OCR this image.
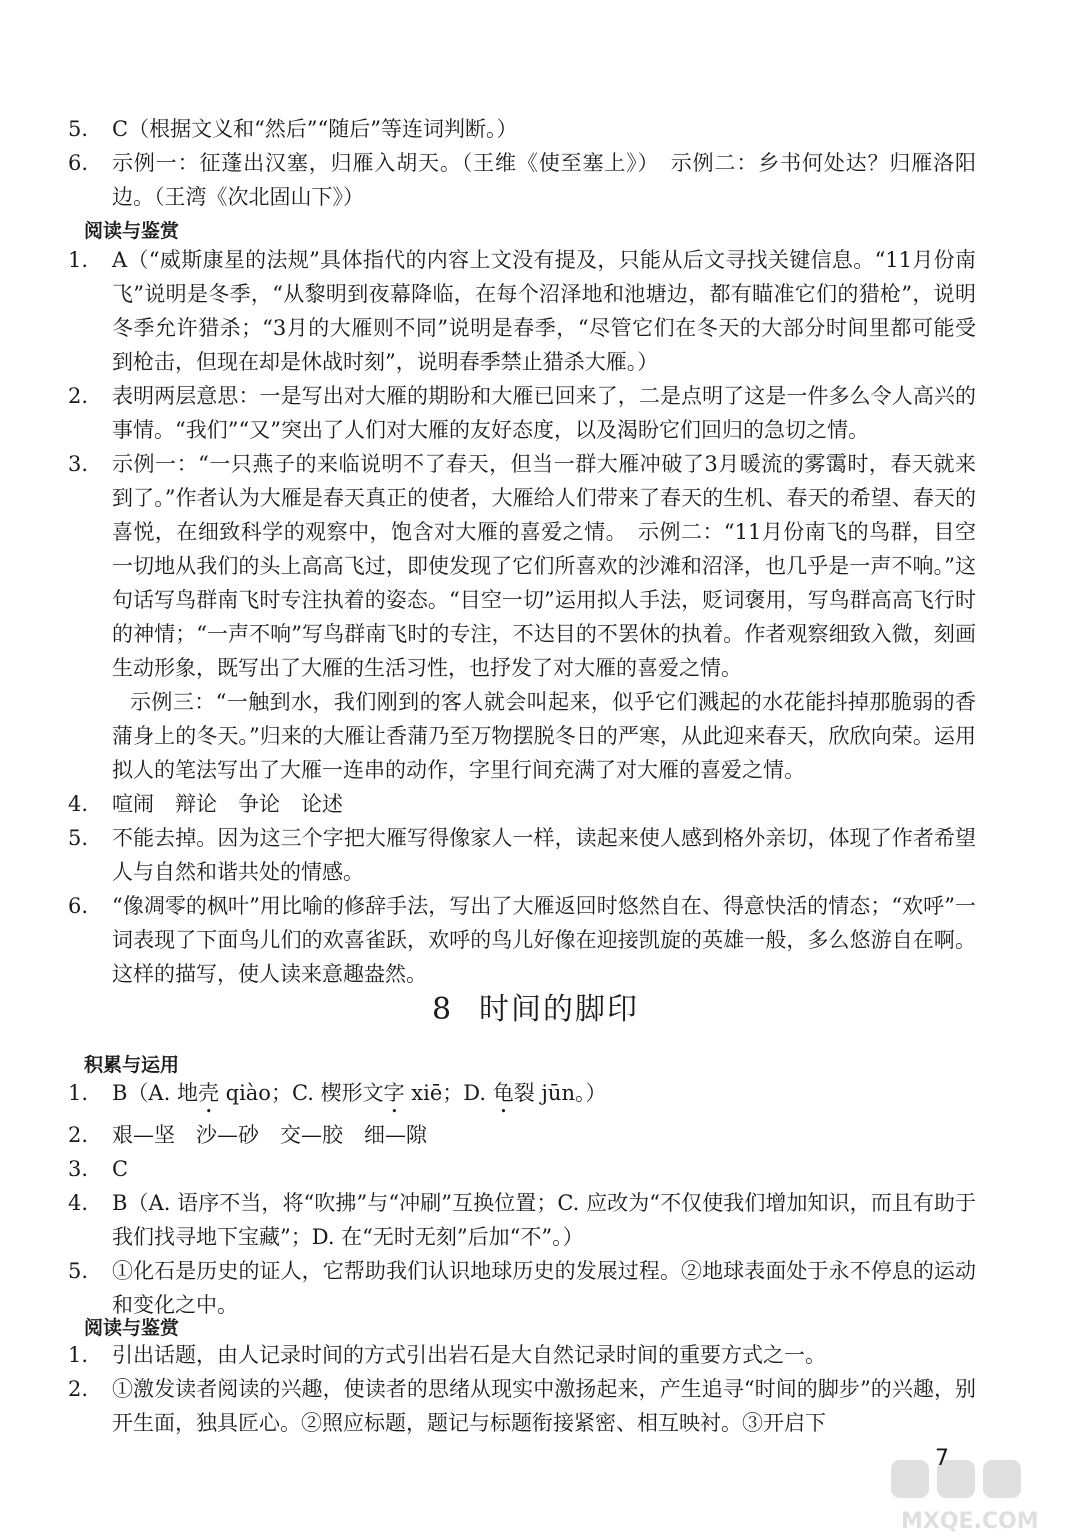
5.	C（根据文义和“然后”“随后”等连词判断。）
6.	示例一：征蓬出汉塞，归雁入胡天。（王维《使至塞上》）　示例二：乡书何处达？归雁洛阳边。（王湾《次北固山下》）
阅读与鉴赏
1.	A（“威斯康星的法规”具体指代的内容上文没有提及，只能从后文寻找关键信息。“11月份南飞”说明是冬季，“从黎明到夜幕降临，在每个沼泽地和池塘边，都有瞄准它们的猎枪”，说明冬季允许猎杀；“3月的大雁则不同”说明是春季，“尽管它们在冬天的大部分时间里都可能受到枪击，但现在却是休战时刻”，说明春季禁止猎杀大雁。）
2.	表明两层意思：一是写出对大雁的期盼和大雁已回来了，二是点明了这是一件多么令人高兴的事情。“我们”“又”突出了人们对大雁的友好态度，以及渴盼它们回归的急切之情。
3.	示例一：“一只燕子的来临说明不了春天，但当一群大雁冲破了3月暖流的雾霭时，春天就来到了。”作者认为大雁是春天真正的使者，大雁给人们带来了春天的生机、春天的希望、春天的喜悦，在细致科学的观察中，饱含对大雁的喜爱之情。　示例二：“11月份南飞的鸟群，目空一切地从我们的头上高高飞过，即使发现了它们所喜欢的沙滩和沼泽，也几乎是一声不响。”这句话写鸟群南飞时专注执着的姿态。“目空一切”运用拟人手法，贬词褒用，写鸟群高高飞行时的神情；“一声不响”写鸟群南飞时的专注，不达目的不罢休的执着。作者观察细致入微，刻画生动形象，既写出了大雁的生活习性，也抒发了对大雁的喜爱之情。
示例三：“一触到水，我们刚到的客人就会叫起来，似乎它们溅起的水花能抖掉那脆弱的香蒲身上的冬天。”归来的大雁让香蒲乃至万物摆脱冬日的严寒，从此迎来春天，欣欣向荣。运用拟人的笔法写出了大雁一连串的动作，字里行间充满了对大雁的喜爱之情。
4.	喧闹　辩论　争论　论述
5.	不能去掉。因为这三个字把大雁写得像家人一样，读起来使人感到格外亲切，体现了作者希望人与自然和谐共处的情感。
6.	“像凋零的枫叶”用比喻的修辞手法，写出了大雁返回时悠然自在、得意快活的情态；“欢呼”一词表现了下面鸟儿们的欢喜雀跃，欢呼的鸟儿好像在迎接凯旋的英雄一般，多么悠游自在啊。这样的描写，使人读来意趣盎然。
8 时间的脚印
积累与运用
1.	B（A. 地壳 qiào；C. 楔形文字 xiē；D. 龟裂 jūn。）
2.	艰—坚　沙—砂　交—胶　细—隙
3.	C
4.	B（A. 语序不当，将“吹拂”与“冲刷”互换位置；C. 应改为“不仅使我们增加知识，而且有助于我们找寻地下宝藏”；D. 在“无时无刻”后加“不”。）
5.	①化石是历史的证人，它帮助我们认识地球历史的发展过程。②地球表面处于永不停息的运动和变化之中。
阅读与鉴赏
1.	引出话题，由人记录时间的方式引出岩石是大自然记录时间的重要方式之一。
2.	①激发读者阅读的兴趣，使读者的思绪从现实中激扬起来，产生追寻“时间的脚步”的兴趣，别开生面，独具匠心。②照应标题，题记与标题衔接紧密、相互映衬。③开启下
7
MXQE.COM
